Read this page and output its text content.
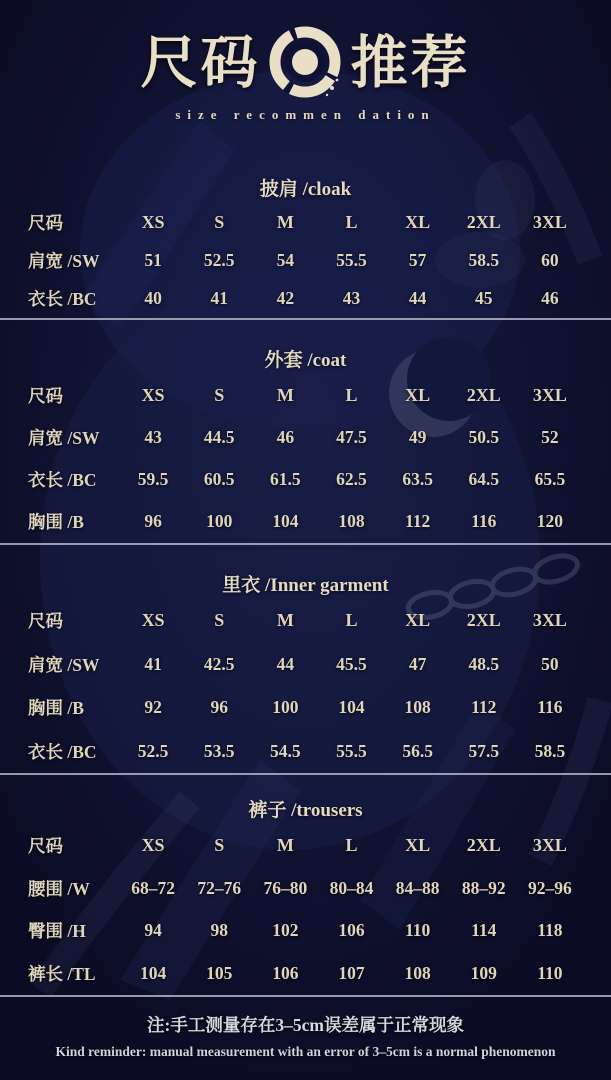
尺码 推荐
size recommen dation
披肩 /cloak
尺码	XS	S	M	L	XL	2XL	3XL
肩宽 /SW	51	52.5	54	55.5	57	58.5	60
衣长 /BC	40	41	42	43	44	45	46
外套 /coat
尺码	XS	S	M	L	XL	2XL	3XL
肩宽 /SW	43	44.5	46	47.5	49	50.5	52
衣长 /BC	59.5	60.5	61.5	62.5	63.5	64.5	65.5
胸围 /B	96	100	104	108	112	116	120
里衣 /Inner garment
尺码	XS	S	M	L	XL	2XL	3XL
肩宽 /SW	41	42.5	44	45.5	47	48.5	50
胸围 /B	92	96	100	104	108	112	116
衣长 /BC	52.5	53.5	54.5	55.5	56.5	57.5	58.5
裤子 /trousers
尺码	XS	S	M	L	XL	2XL	3XL
腰围 /W	68–72	72–76	76–80	80–84	84–88	88–92	92–96
臀围 /H	94	98	102	106	110	114	118
裤长 /TL	104	105	106	107	108	109	110
注:手工测量存在3–5cm误差属于正常现象
Kind reminder: manual measurement with an error of 3–5cm is a normal phenomenon
